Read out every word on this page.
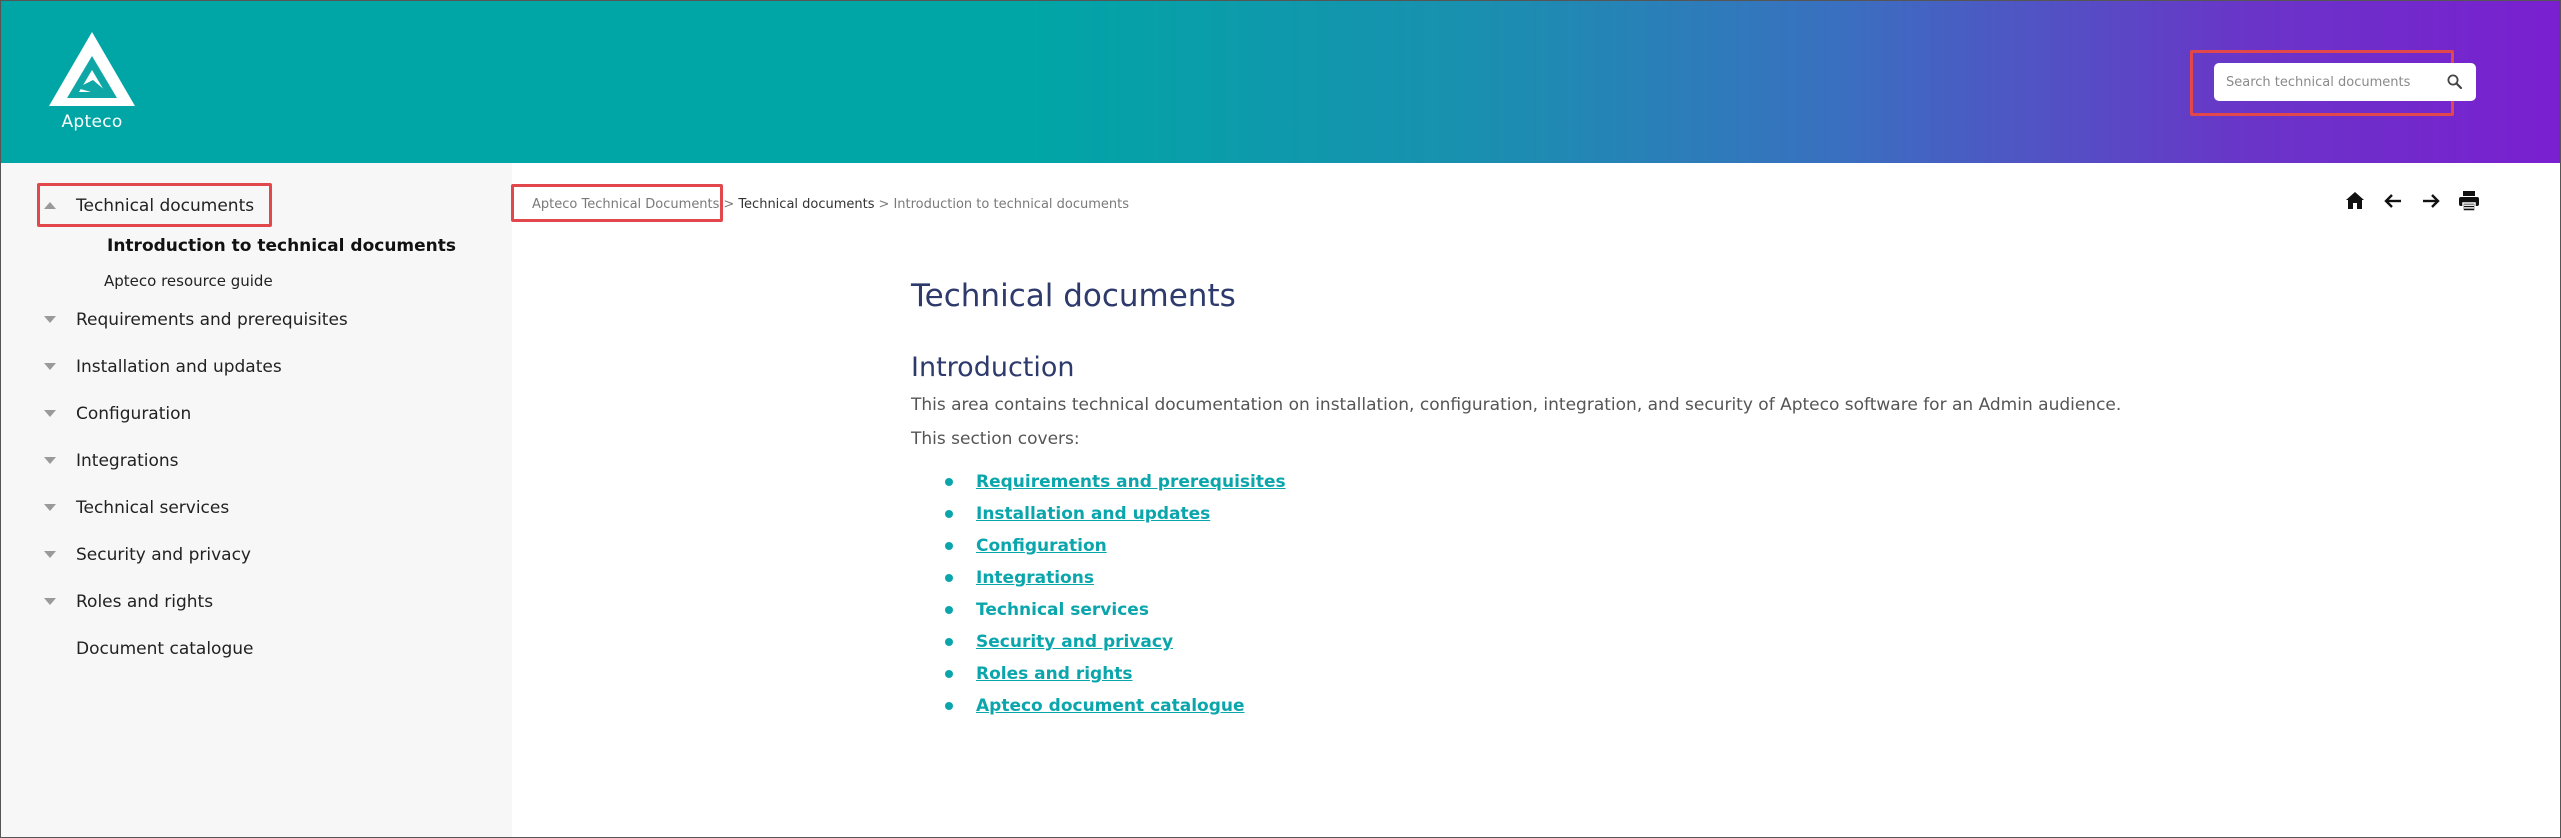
Apteco
Search technical documents
Technical documents
Introduction to technical documents
Apteco resource guide
Requirements and prerequisites
Installation and updates
Configuration
Integrations
Technical services
Security and privacy
Roles and rights
Document catalogue
Apteco Technical Documents > Technical documents > Introduction to technical documents
Technical documents
Introduction
This area contains technical documentation on installation, configuration, integration, and security of Apteco software for an Admin audience.
This section covers:
Requirements and prerequisites
Installation and updates
Configuration
Integrations
Technical services
Security and privacy
Roles and rights
Apteco document catalogue
